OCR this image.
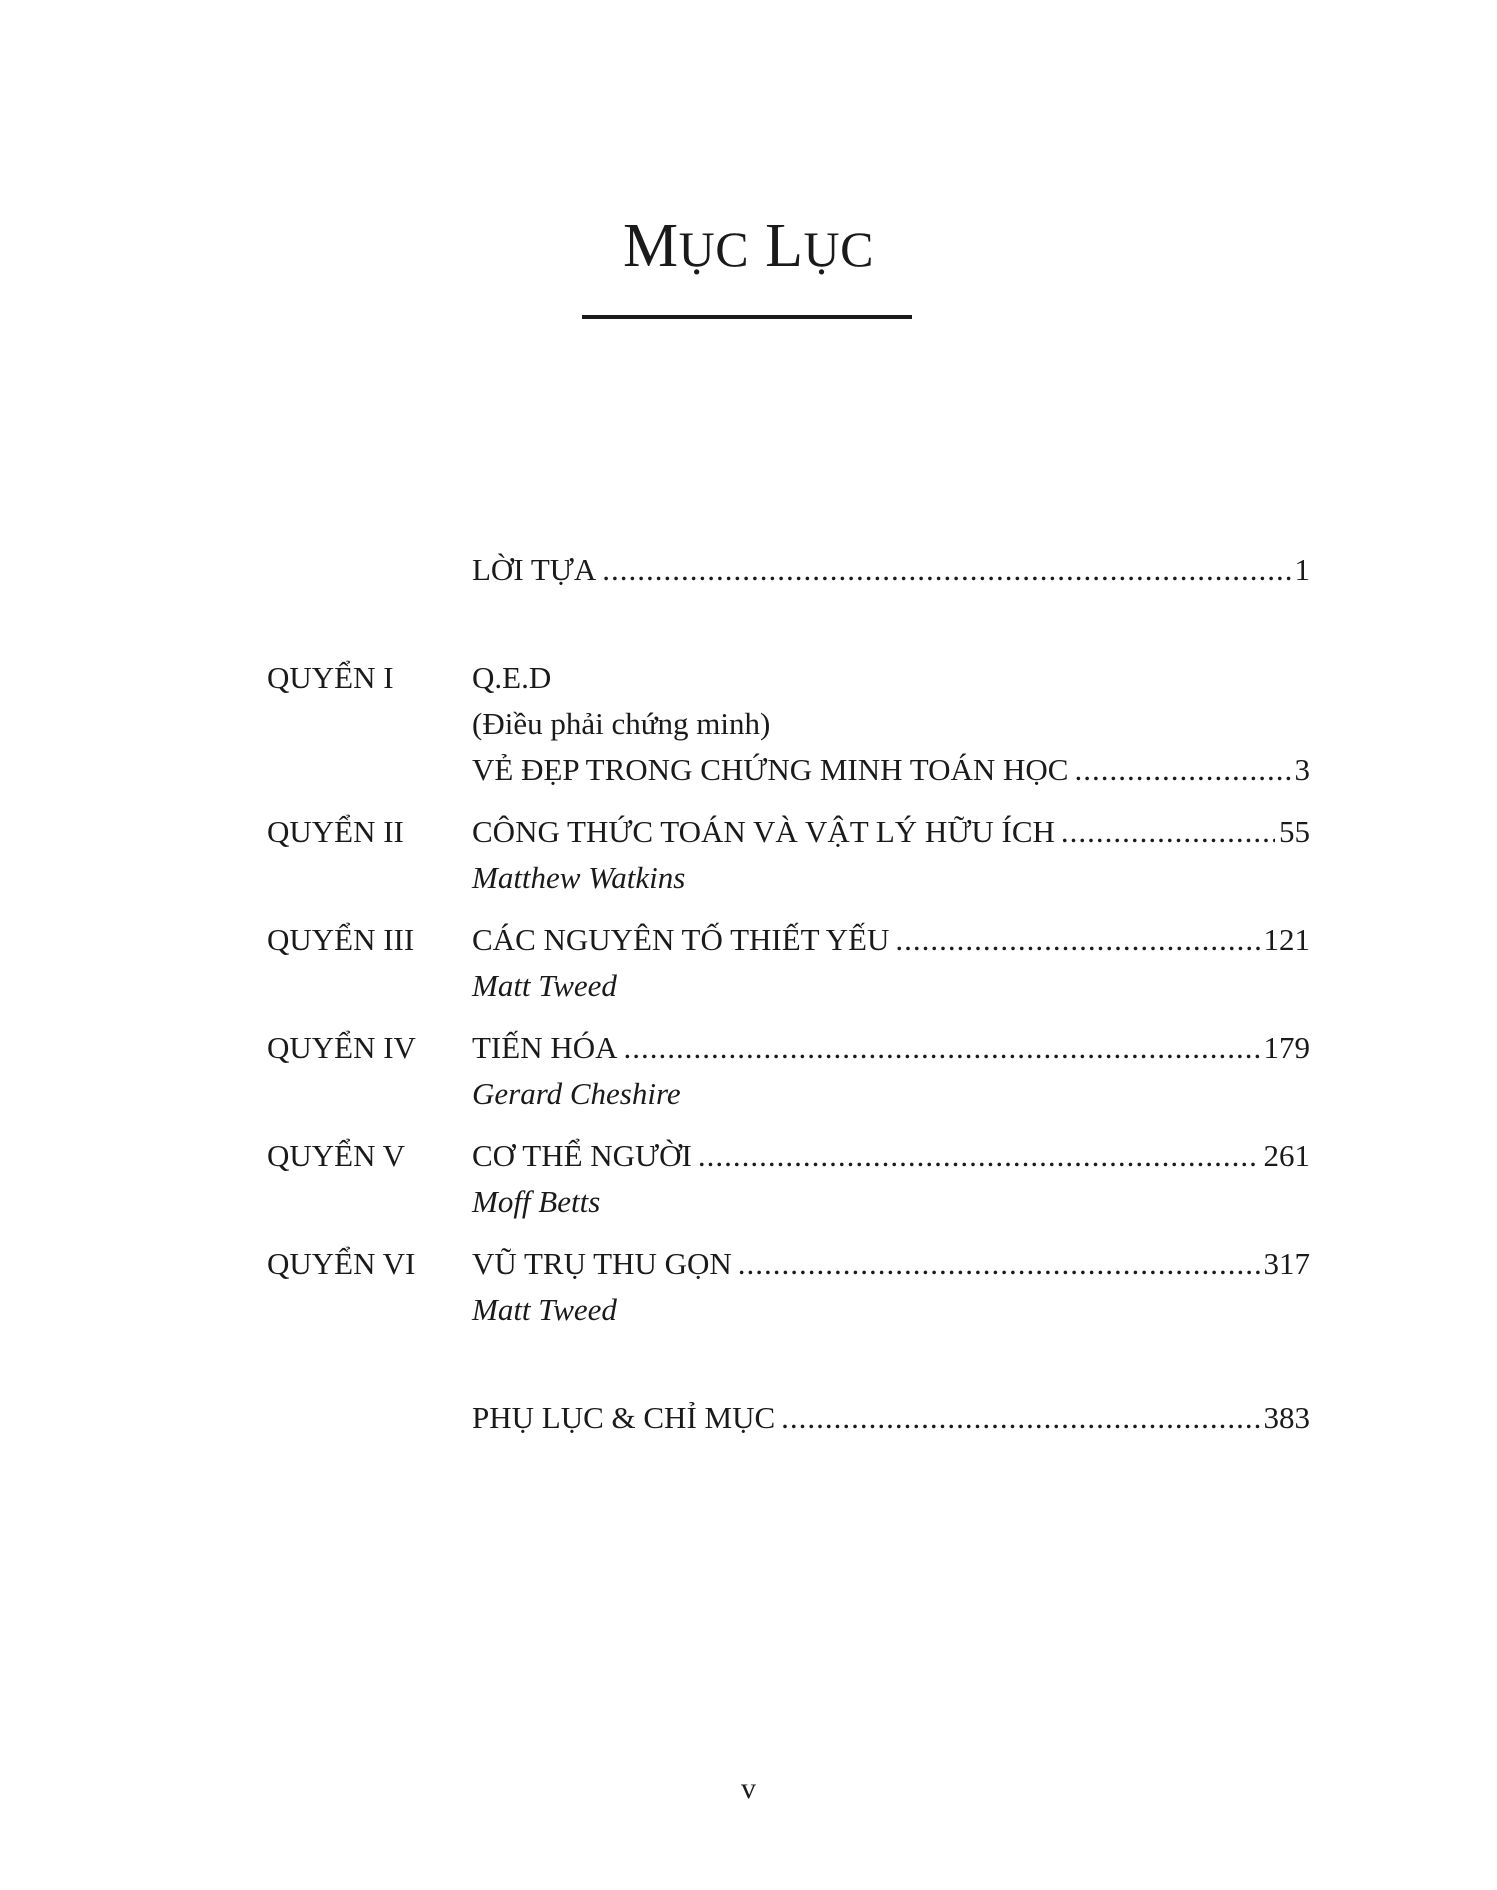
MỤC LỤC
LỜI TỰA .....	1
QUYỂN I	Q.E.D
(Điều phải chứng minh)
VẺ ĐẸP TRONG CHỨNG MINH TOÁN HỌC .....	3
QUYỂN II	CÔNG THỨC TOÁN VÀ VẬT LÝ HỮU ÍCH .....	55
Matthew Watkins
QUYỂN III	CÁC NGUYÊN TỐ THIẾT YẾU .....	121
Matt Tweed
QUYỂN IV	TIẾN HÓA .....	179
Gerard Cheshire
QUYỂN V	CƠ THỂ NGƯỜI .....	261
Moff Betts
QUYỂN VI	VŨ TRỤ THU GỌN .....	317
Matt Tweed
PHỤ LỤC & CHỈ MỤC .....	383
v
